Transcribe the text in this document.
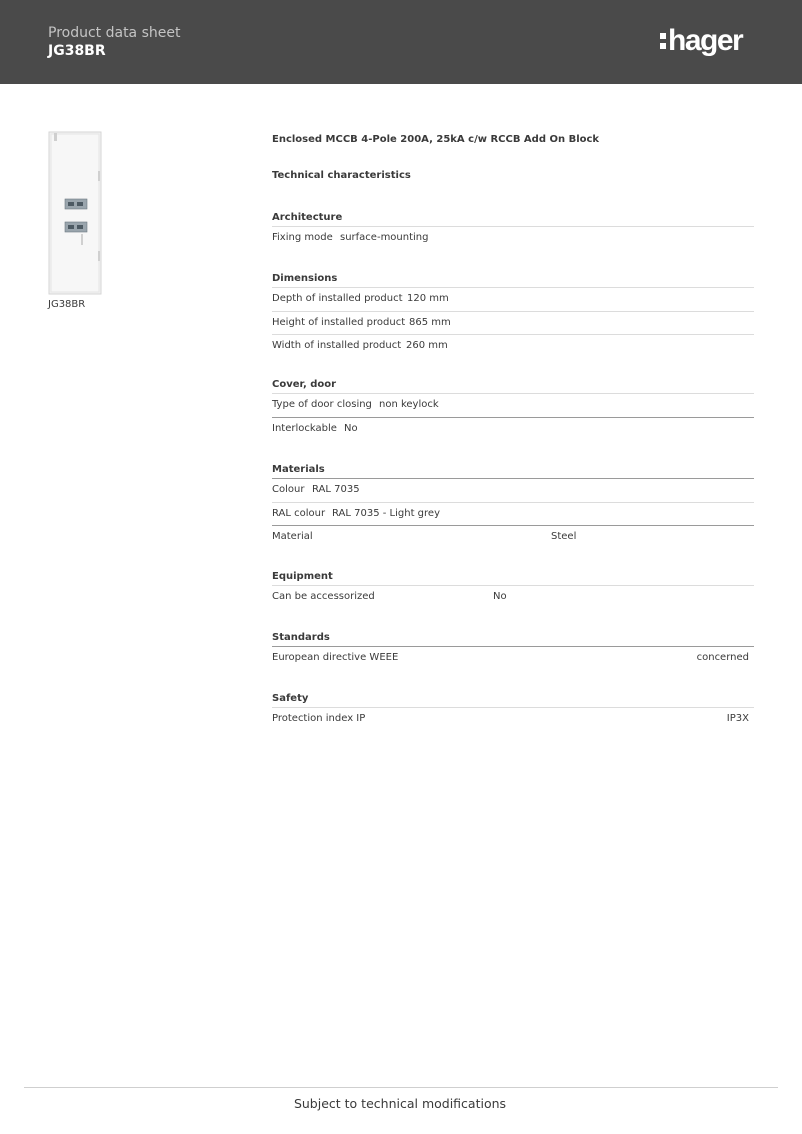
Product data sheet
JG38BR	hager
JG38BR
Enclosed MCCB 4-Pole 200A, 25kA c/w RCCB Add On Block
Technical characteristics
Architecture
Fixing mode surface-mounting
Dimensions
Depth of installed product 120 mm
Height of installed product 865 mm
Width of installed product 260 mm
Cover, door
Type of door closing non keylock
Interlockable No
Materials
Colour RAL 7035
RAL colour RAL 7035 - Light grey
Material	Steel
Equipment
Can be accessorized	No
Standards
European directive WEEE	concerned
Safety
Protection index IP	IP3X
Subject to technical modifications
